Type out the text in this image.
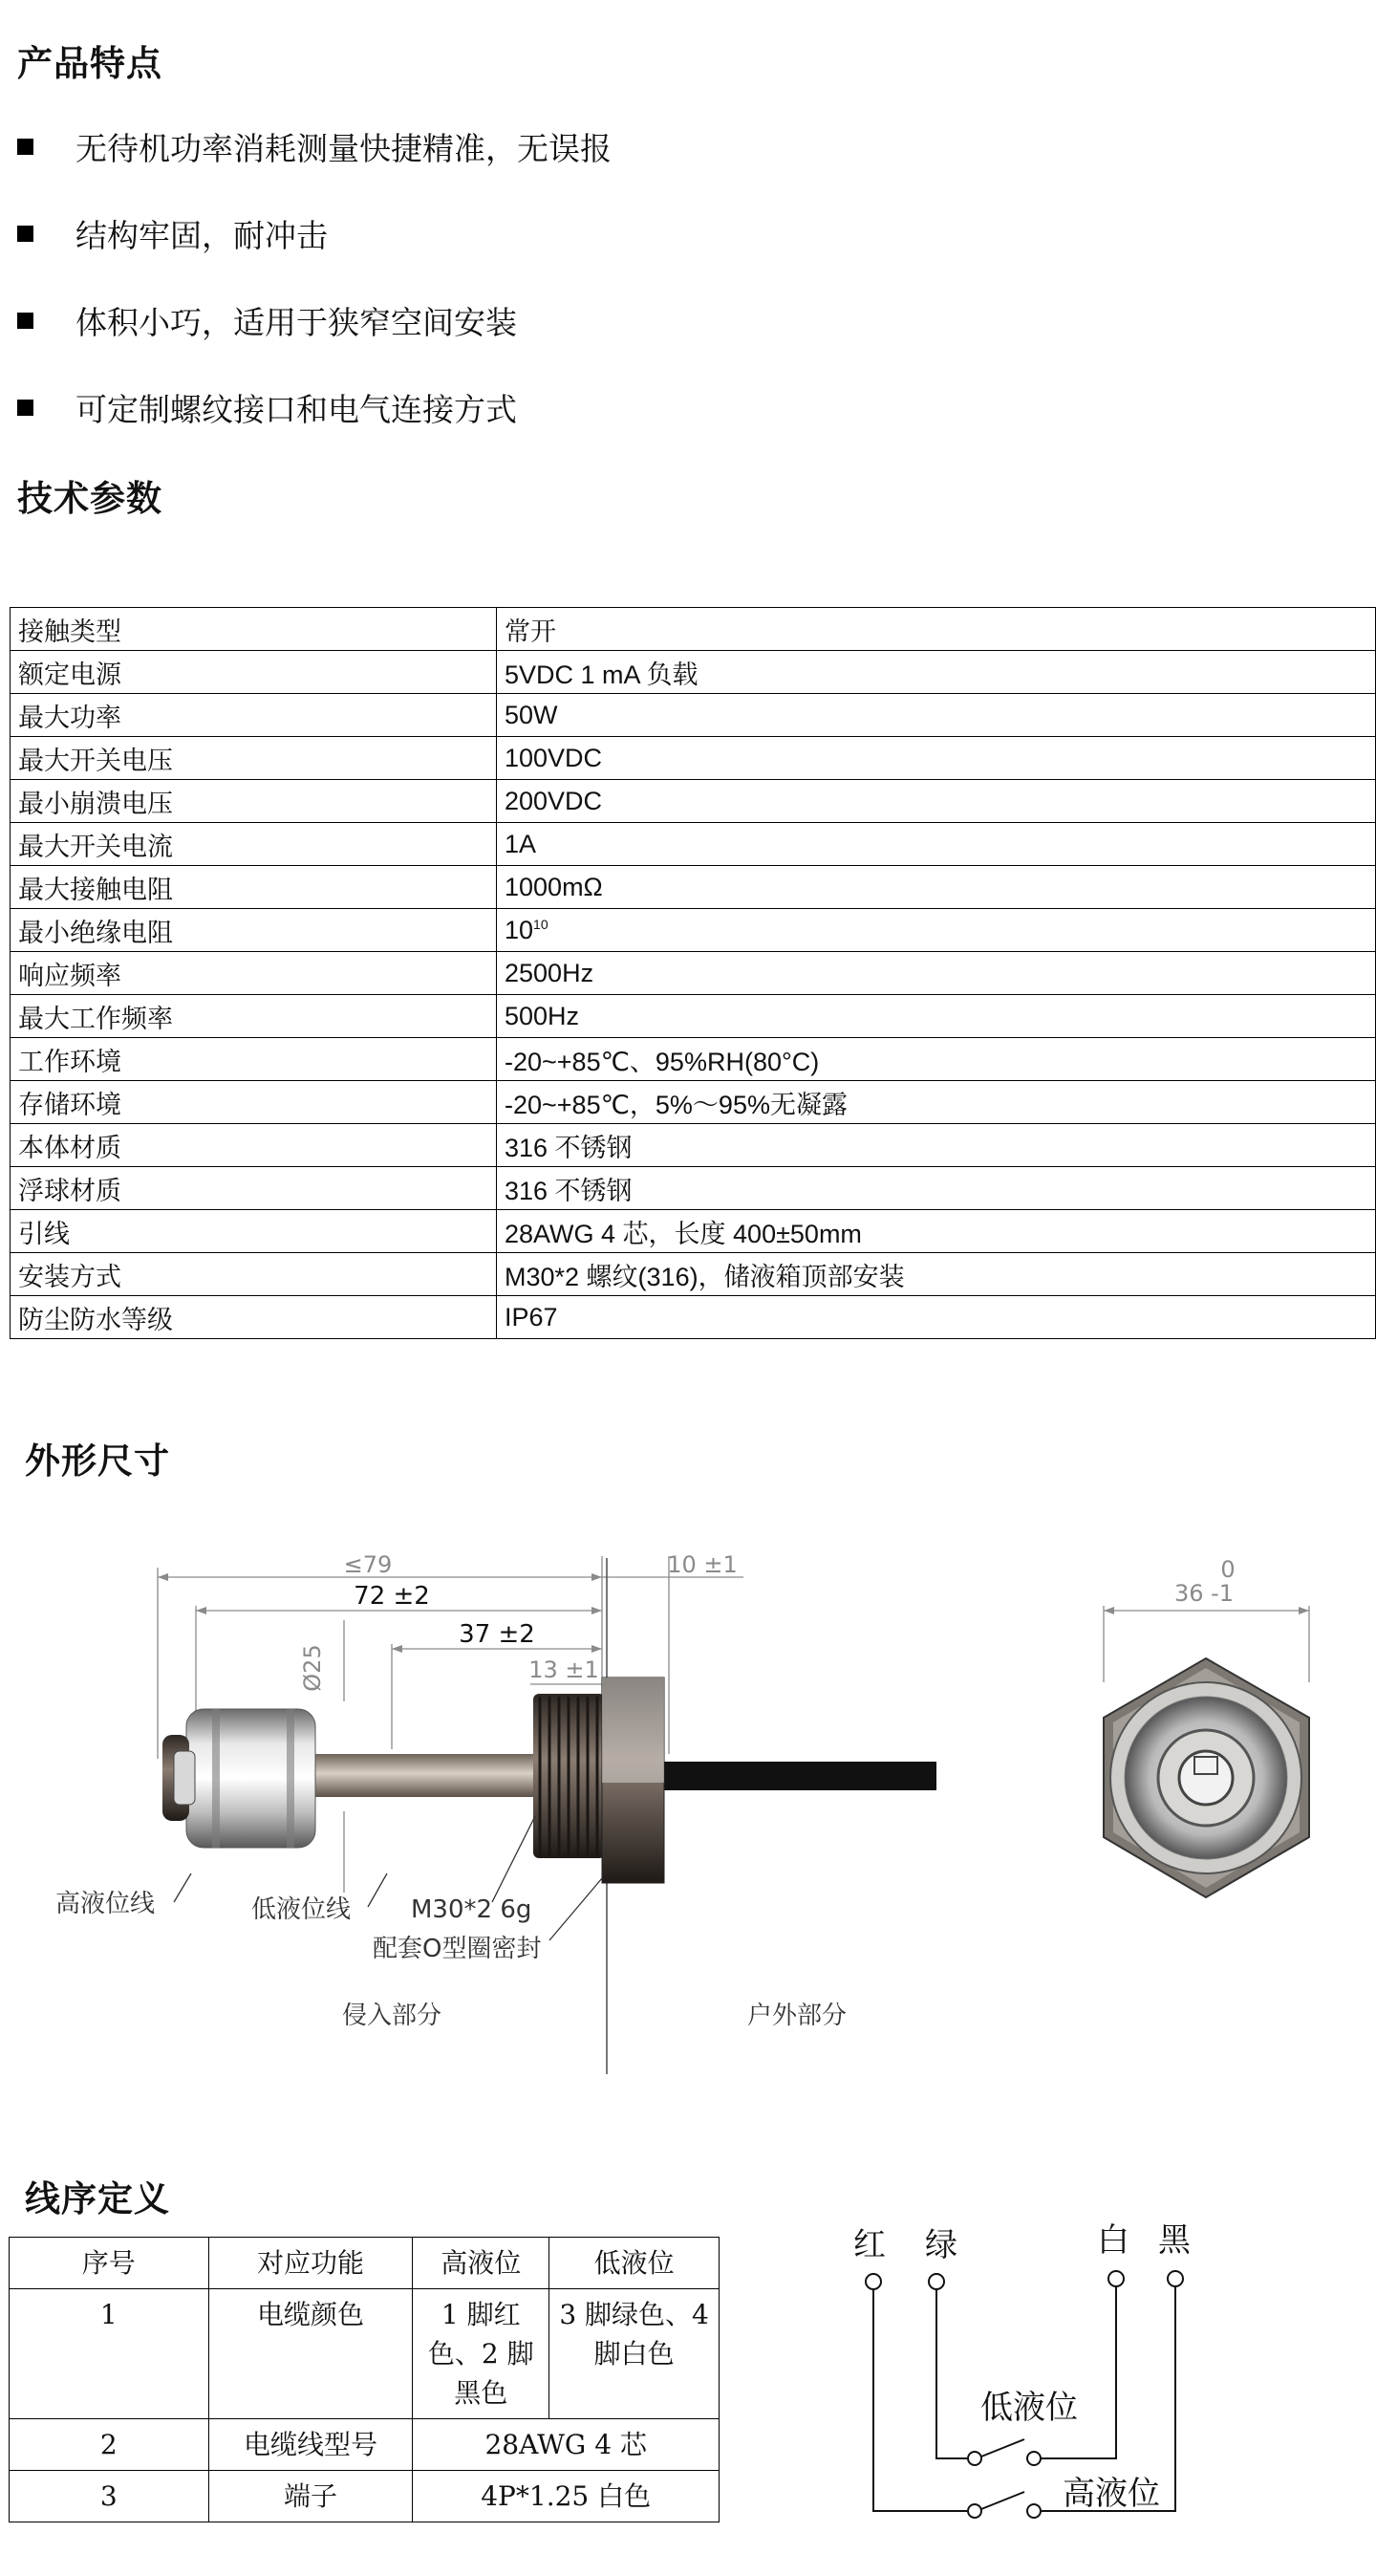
产品特点
无待机功率消耗测量快捷精准，无误报
结构牢固，耐冲击
体积小巧，适用于狭窄空间安装
可定制螺纹接口和电气连接方式
技术参数
接触类型	常开
额定电源	5VDC 1 mA 负载
最大功率	50W
最大开关电压	100VDC
最小崩溃电压	200VDC
最大开关电流	1A
最大接触电阻	1000mΩ
最小绝缘电阻	$10^{10}$
响应频率	2500Hz
最大工作频率	500Hz
工作环境	-20~+85℃、95%RH(80°C)
存储环境	-20~+85℃，5%～95%无凝露
本体材质	316 不锈钢
浮球材质	316 不锈钢
引线	28AWG 4 芯，长度 400±50mm
安装方式	M30*2 螺纹(316)，储液箱顶部安装
防尘防水等级	IP67
外形尺寸
≤79	10 ±1
72 ±2
37 ±2
13 ±1
Ø25
0
36 -1
高液位线	低液位线 M30*2 6g
配套O型圈密封
侵入部分	户外部分
红 绿	白 黑
低液位
高液位
线序定义
序号	对应功能	高液位	低液位
1	电缆颜色	1 脚红色、2 脚黑色	3 脚绿色、4 脚白色
2	电缆线型号	28AWG 4 芯	
3	端子	4P*1.25 白色	
